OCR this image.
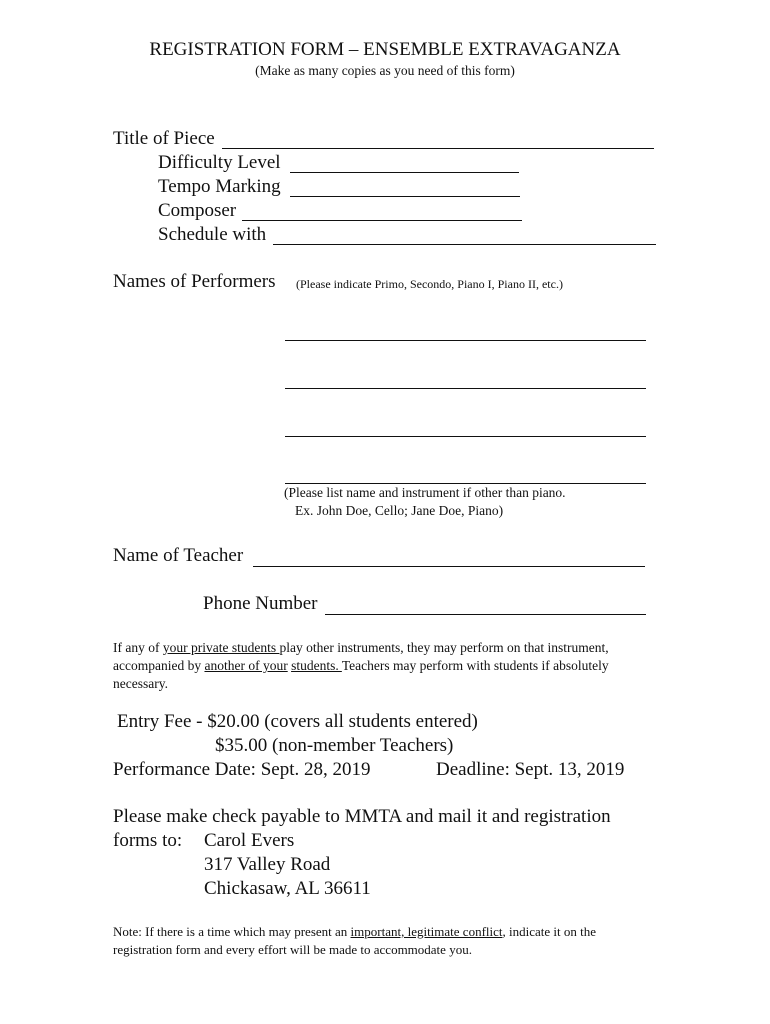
REGISTRATION FORM – ENSEMBLE EXTRAVAGANZA
(Make as many copies as you need of this form)
Title of Piece
Difficulty Level
Tempo Marking
Composer
Schedule with
Names of Performers (Please indicate Primo, Secondo, Piano I, Piano II, etc.)
(Please list name and instrument if other than piano.
Ex. John Doe, Cello; Jane Doe, Piano)
Name of Teacher
Phone Number
If any of your private students play other instruments, they may perform on that instrument, accompanied by another of your students. Teachers may perform with students if absolutely necessary.
Entry Fee - $20.00 (covers all students entered)
$35.00 (non-member Teachers)
Performance Date: Sept. 28, 2019	Deadline: Sept. 13, 2019
Please make check payable to MMTA and mail it and registration
forms to: Carol Evers
317 Valley Road
Chickasaw, AL 36611
Note: If there is a time which may present an important, legitimate conflict, indicate it on the registration form and every effort will be made to accommodate you.
